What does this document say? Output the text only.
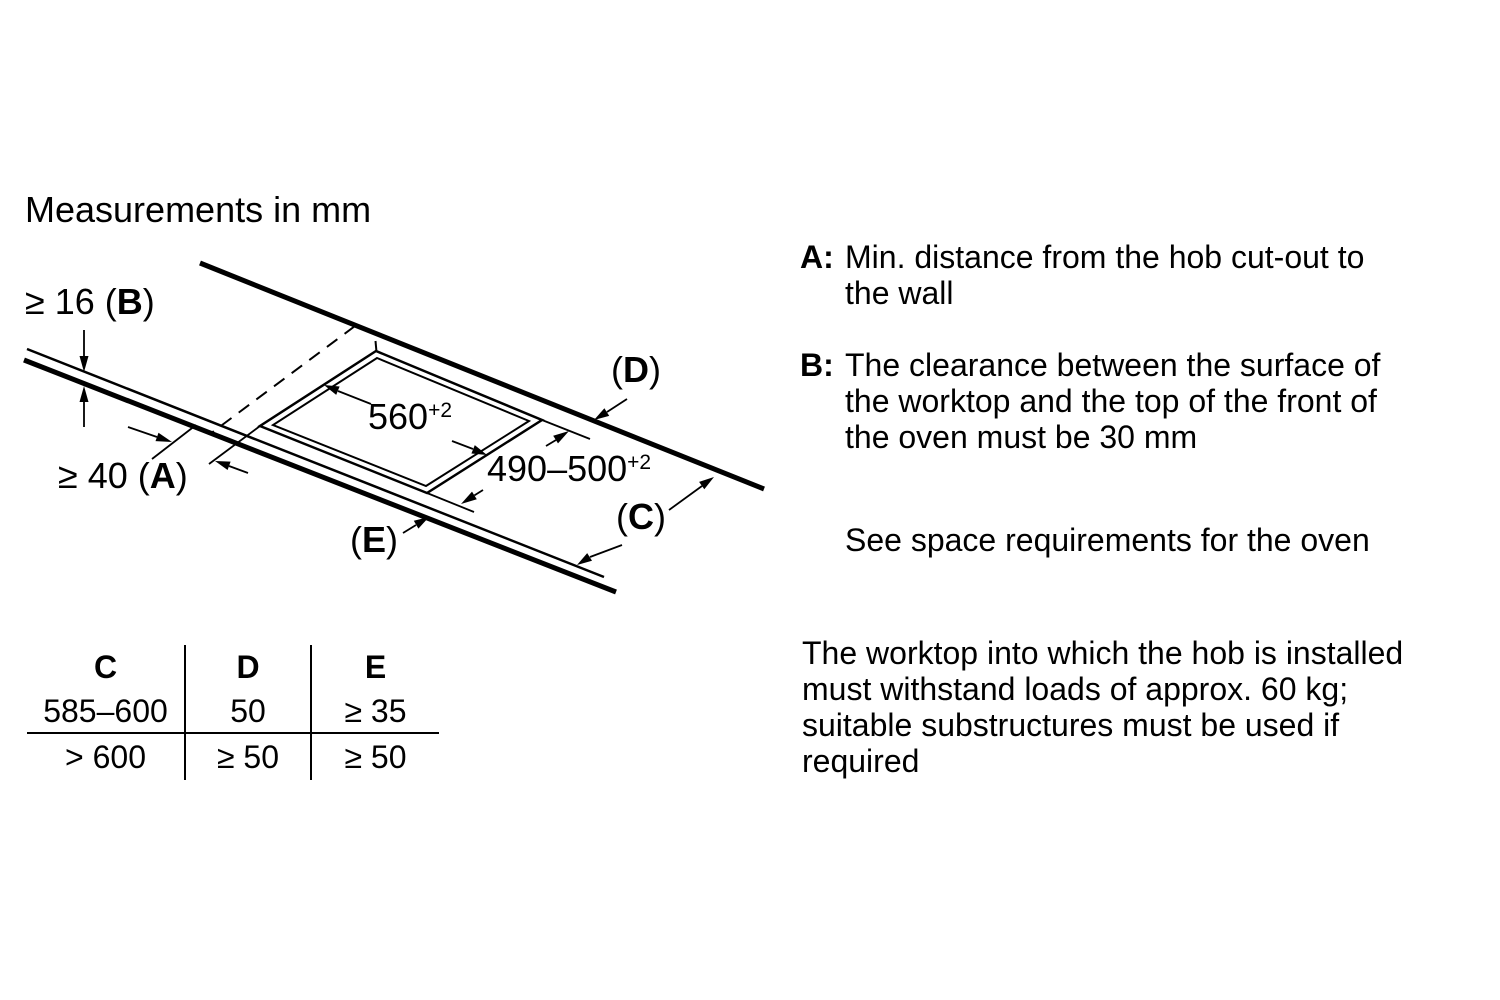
Measurements in mm
≥ 16 (B)
≥ 40 (A)
$560^{+2}$
$490-500^{+2}$
(D)
(C)
(E)
C	D	E
585–600	50	≥ 35
> 600	≥ 50	≥ 50
A: Min. distance from the hob cut-out to
the wall
B: The clearance between the surface of
the worktop and the top of the front of
the oven must be 30 mm
See space requirements for the oven
The worktop into which the hob is installed
must withstand loads of approx. 60 kg;
suitable substructures must be used if
required
